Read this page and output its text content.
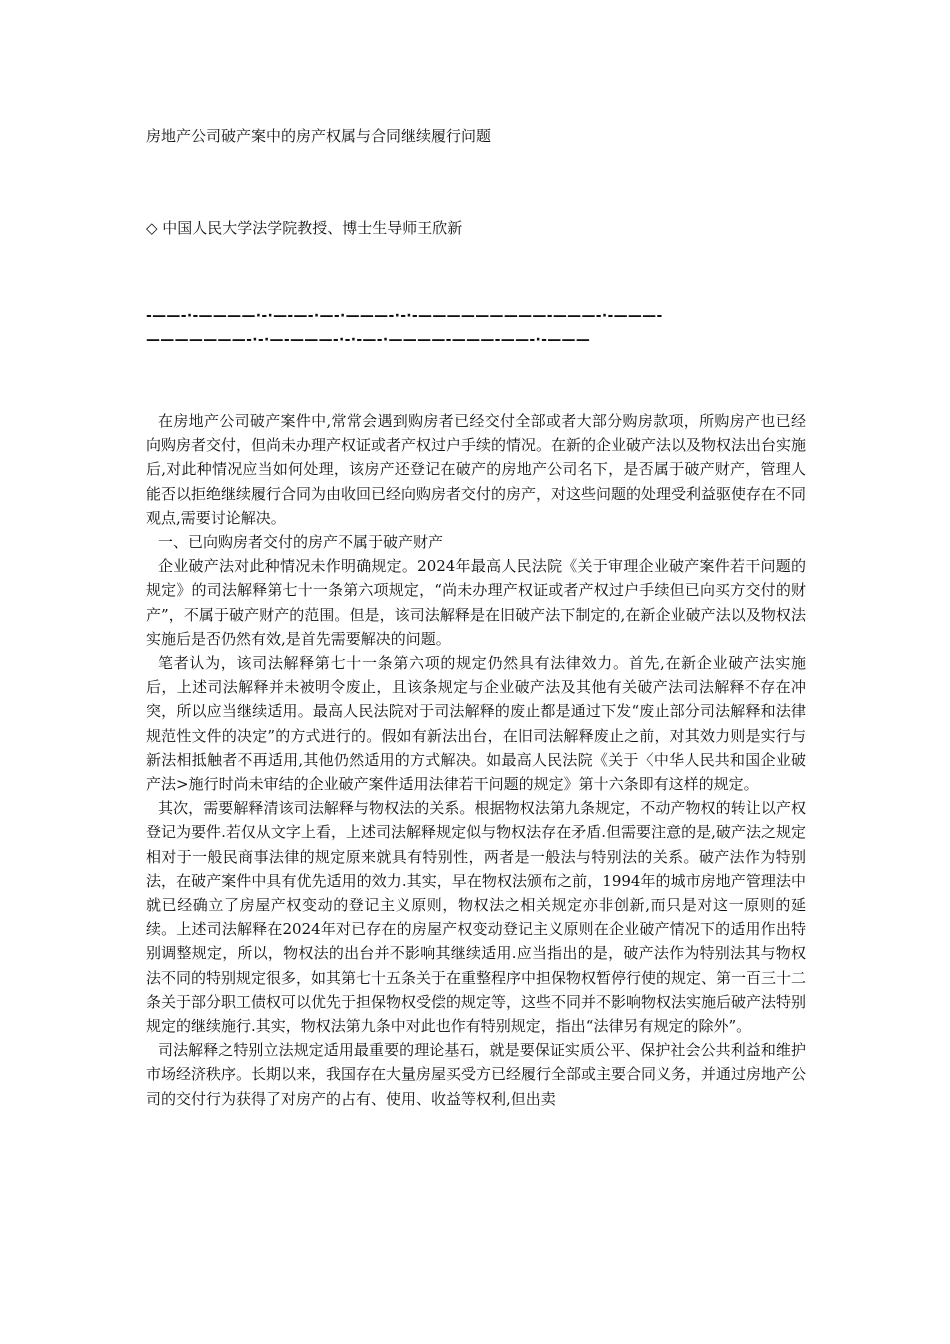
房地产公司破产案中的房产权属与合同继续履行问题
◇ 中国人民大学法学院教授、博士生导师王欣新
-——-·-————·-·—-—-·—-·———-·-·-—————————-———-·-———-
———————-·-·—-———-·-·-—-·————-———-——-·-———

在房地产公司破产案件中,常常会遇到购房者已经交付全部或者大部分购房款项，所购房产也已经向购房者交付，但尚未办理产权证或者产权过户手续的情况。在新的企业破产法以及物权法出台实施后,对此种情况应当如何处理，该房产还登记在破产的房地产公司名下，是否属于破产财产，管理人能否以拒绝继续履行合同为由收回已经向购房者交付的房产，对这些问题的处理受利益驱使存在不同观点,需要讨论解决。

一、已向购房者交付的房产不属于破产财产

企业破产法对此种情况未作明确规定。2024年最高人民法院《关于审理企业破产案件若干问题的规定》的司法解释第七十一条第六项规定，“尚未办理产权证或者产权过户手续但已向买方交付的财产”，不属于破产财产的范围。但是，该司法解释是在旧破产法下制定的,在新企业破产法以及物权法实施后是否仍然有效,是首先需要解决的问题。

笔者认为，该司法解释第七十一条第六项的规定仍然具有法律效力。首先,在新企业破产法实施后，上述司法解释并未被明令废止，且该条规定与企业破产法及其他有关破产法司法解释不存在冲突，所以应当继续适用。最高人民法院对于司法解释的废止都是通过下发“废止部分司法解释和法律规范性文件的决定”的方式进行的。假如有新法出台，在旧司法解释废止之前，对其效力则是实行与新法相抵触者不再适用,其他仍然适用的方式解决。如最高人民法院《关于〈中华人民共和国企业破产法>施行时尚未审结的企业破产案件适用法律若干问题的规定》第十六条即有这样的规定。

其次，需要解释清该司法解释与物权法的关系。根据物权法第九条规定，不动产物权的转让以产权登记为要件.若仅从文字上看，上述司法解释规定似与物权法存在矛盾.但需要注意的是,破产法之规定相对于一般民商事法律的规定原来就具有特别性，两者是一般法与特别法的关系。破产法作为特别法，在破产案件中具有优先适用的效力.其实，早在物权法颁布之前，1994年的城市房地产管理法中就已经确立了房屋产权变动的登记主义原则，物权法之相关规定亦非创新,而只是对这一原则的延续。上述司法解释在2024年对已存在的房屋产权变动登记主义原则在企业破产情况下的适用作出特别调整规定，所以，物权法的出台并不影响其继续适用.应当指出的是，破产法作为特别法其与物权法不同的特别规定很多，如其第七十五条关于在重整程序中担保物权暂停行使的规定、第一百三十二条关于部分职工债权可以优先于担保物权受偿的规定等，这些不同并不影响物权法实施后破产法特别规定的继续施行.其实，物权法第九条中对此也作有特别规定，指出“法律另有规定的除外”。

司法解释之特别立法规定适用最重要的理论基石，就是要保证实质公平、保护社会公共利益和维护市场经济秩序。长期以来，我国存在大量房屋买受方已经履行全部或主要合同义务，并通过房地产公司的交付行为获得了对房产的占有、使用、收益等权利,但出卖
